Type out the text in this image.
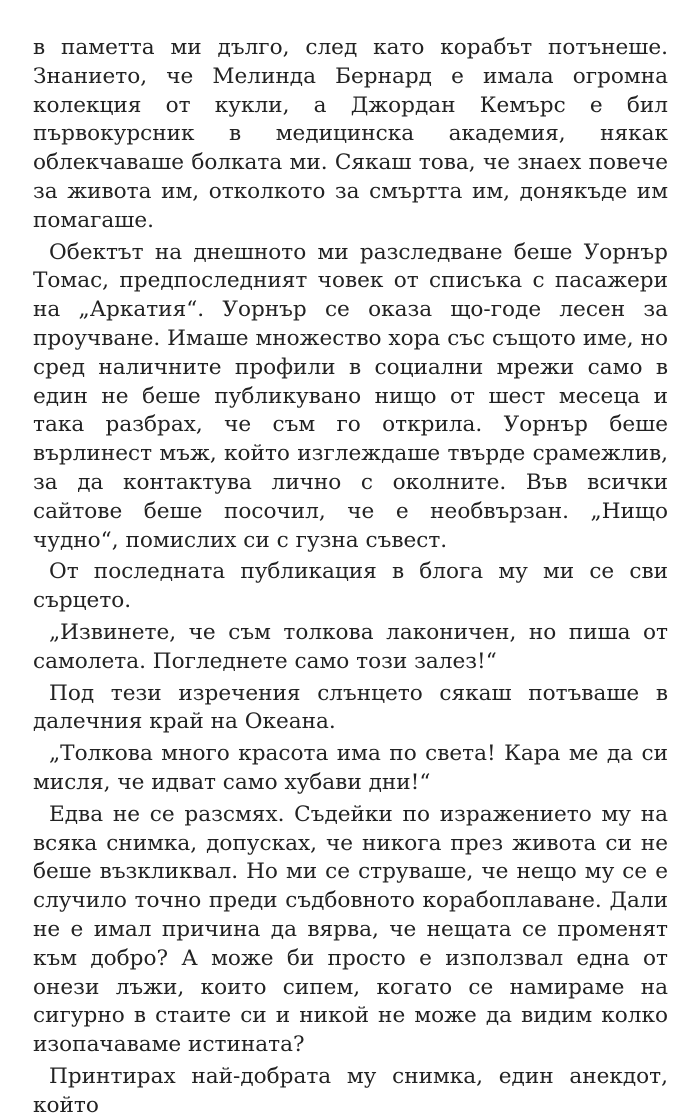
в паметта ми дълго, след като корабът потънеше. Знанието, че Мелинда Бернард е имала огромна колекция от кукли, а Джордан Кемърс е бил първокурсник в медицинска академия, някак облекчаваше болката ми. Сякаш това, че знаех повече за живота им, отколкото за смъртта им, донякъде им помагаше.

Обектът на днешното ми разследване беше Уорнър Томас, предпоследният човек от списъка с пасажери на „Аркатия“. Уорнър се оказа що-годе лесен за проучване. Имаше множество хора със същото име, но сред наличните профили в социални мрежи само в един не беше публикувано нищо от шест месеца и така разбрах, че съм го открила. Уорнър беше върлинест мъж, който изглеждаше твърде срамежлив, за да контактува лично с околните. Във всички сайтове беше посочил, че е необвързан. „Нищо чудно“, помислих си с гузна съвест.

От последната публикация в блога му ми се сви сърцето.

„Извинете, че съм толкова лаконичен, но пиша от самолета. Погледнете само този залез!“

Под тези изречения слънцето сякаш потъваше в далечния край на Океана.

„Толкова много красота има по света! Кара ме да си мисля, че идват само хубави дни!“

Едва не се разсмях. Съдейки по изражението му на всяка снимка, допусках, че никога през живота си не беше възкликвал. Но ми се струваше, че нещо му се е случило точно преди съдбовното корабоплаване. Дали не е имал причина да вярва, че нещата се променят към добро? А може би просто е използвал една от онези лъжи, които сипем, когато се намираме на сигурно в стаите си и никой не може да видим колко изопачаваме истината?

Принтирах най-добрата му снимка, един анекдот, който
